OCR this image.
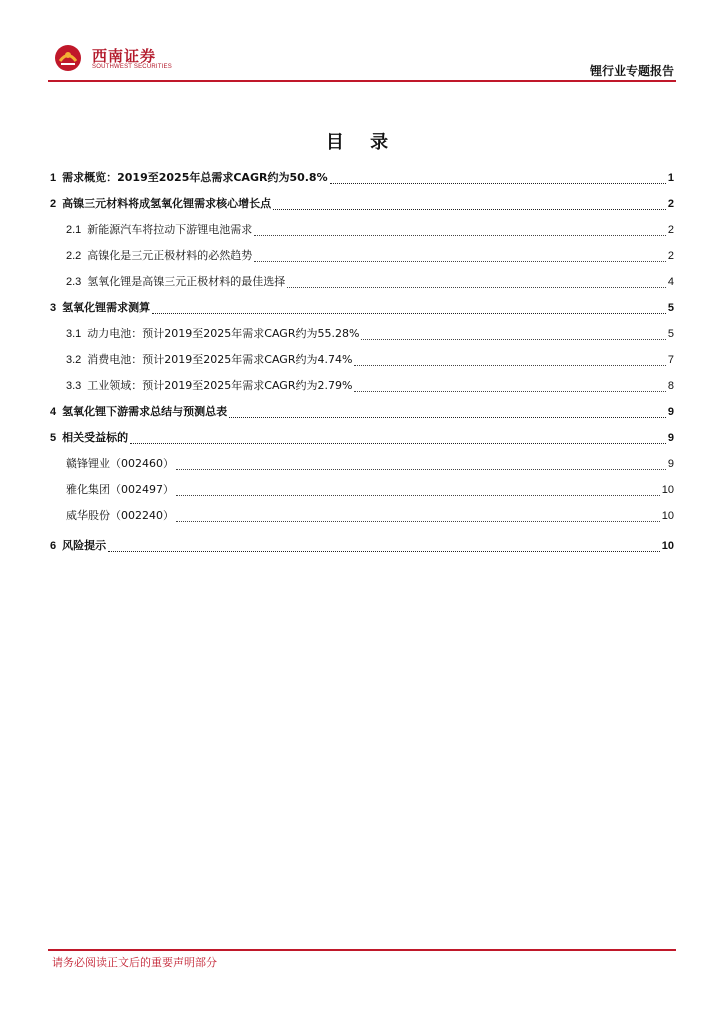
西南证券
SOUTHWEST SECURITIES	锂行业专题报告
目 录
1 需求概览：2019至2025年总需求CAGR约为50.8%	1
2 高镍三元材料将成氢氧化锂需求核心增长点	2
2.1 新能源汽车将拉动下游锂电池需求	2
2.2 高镍化是三元正极材料的必然趋势	2
2.3 氢氧化锂是高镍三元正极材料的最佳选择	4
3 氢氧化锂需求测算	5
3.1 动力电池：预计2019至2025年需求CAGR约为55.28%	5
3.2 消费电池：预计2019至2025年需求CAGR约为4.74%	7
3.3 工业领域：预计2019至2025年需求CAGR约为2.79%	8
4 氢氧化锂下游需求总结与预测总表	9
5 相关受益标的	9
赣锋锂业（002460）	9
雅化集团（002497）	10
威华股份（002240）	10
6 风险提示	10
请务必阅读正文后的重要声明部分
